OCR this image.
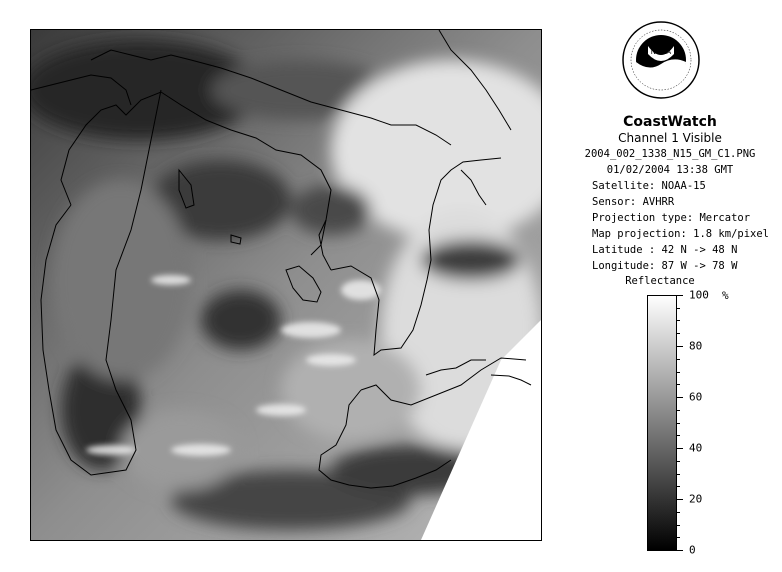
NOAA
CoastWatch
Channel 1 Visible
2004_002_1338_N15_GM_C1.PNG
01/02/2004 13:38 GMT
Satellite: NOAA-15
Sensor: AVHRR
Projection type: Mercator
Map projection: 1.8 km/pixel
Latitude : 42 N -> 48 N
Longitude: 87 W -> 78 W
Reflectance
0
20
40
60
80
100 %
